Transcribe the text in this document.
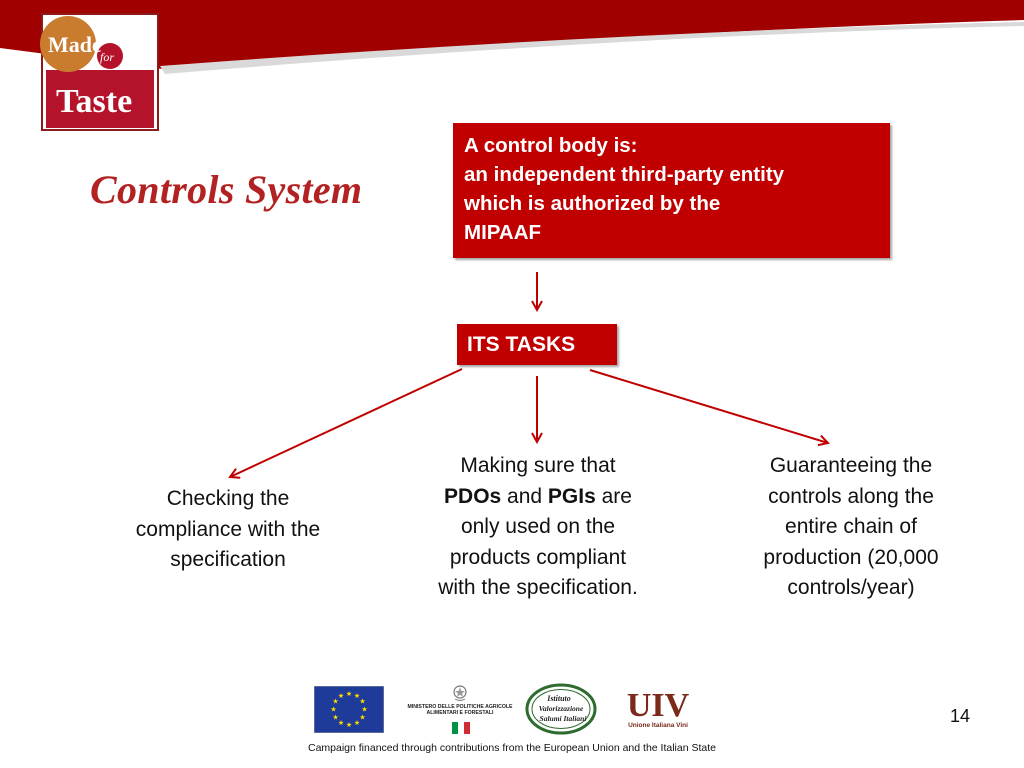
Made
for
Taste
Controls System
A control body is:
an independent third-party entity
which is authorized by the
MIPAAF
ITS TASKS
Checking the
compliance with the
specification
Making sure that
PDOs and PGIs are
only used on the
products compliant
with the specification.
Guaranteeing the
controls along the
entire chain of
production (20,000
controls/year)
★ ★
★
★
★
★
★
★
★
★
★
★
MINISTERO DELLE POLITICHE AGRICOLE
ALIMENTARI E FORESTALI
Istituto
Valorizzazione
Salumi Italiani UIV
Unione Italiana Vini	14
Campaign financed through contributions from the European Union and the Italian State
